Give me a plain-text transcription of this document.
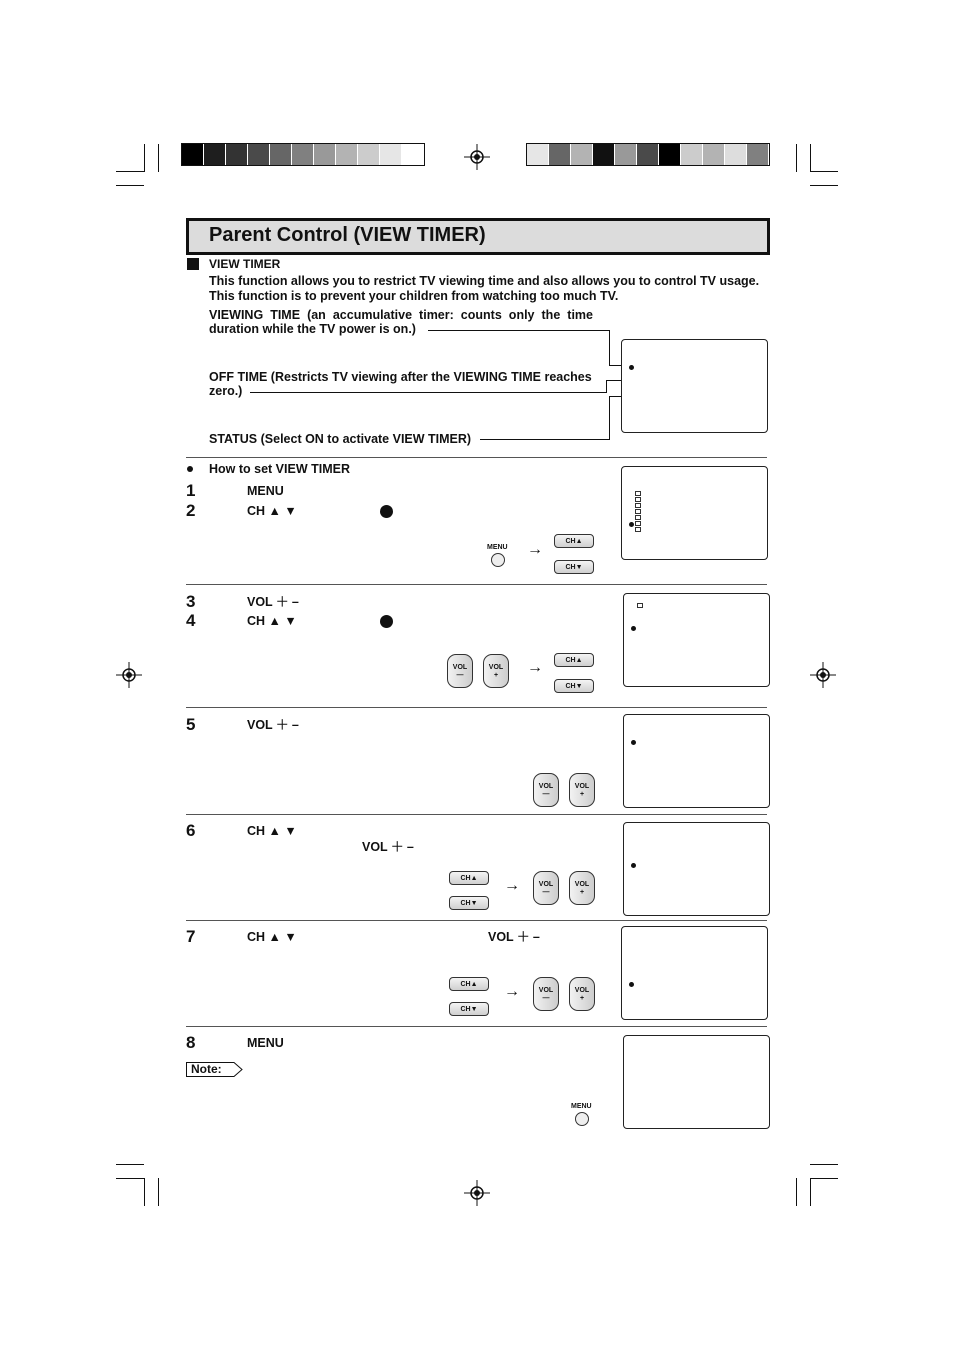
Parent Control (VIEW TIMER)
VIEW TIMER
This function allows you to restrict TV viewing time and also allows you to control TV usage.
This function is to prevent your children from watching too much TV.
VIEWING TIME (an accumulative timer: counts only the time
duration while the TV power is on.)
OFF TIME (Restricts TV viewing after the VIEWING TIME reaches
zero.)
STATUS (Select ON to activate VIEW TIMER)
How to set VIEW TIMER
1	MENU
2	CH ▲ ▼
MENU →	CH▲
CH▼
3	VOL ＋ –
4	CH ▲ ▼
VOL
—
VOL
+	→	CH▲
CH▼
5	VOL ＋ –
VOL
—
VOL
+
6	CH ▲ ▼
VOL ＋ –
CH▲
CH▼
→	VOL
—
VOL
+
7	CH ▲ ▼	VOL ＋ –
CH▲
CH▼
→	VOL
—
VOL
+
8	MENU
Note:
MENU
